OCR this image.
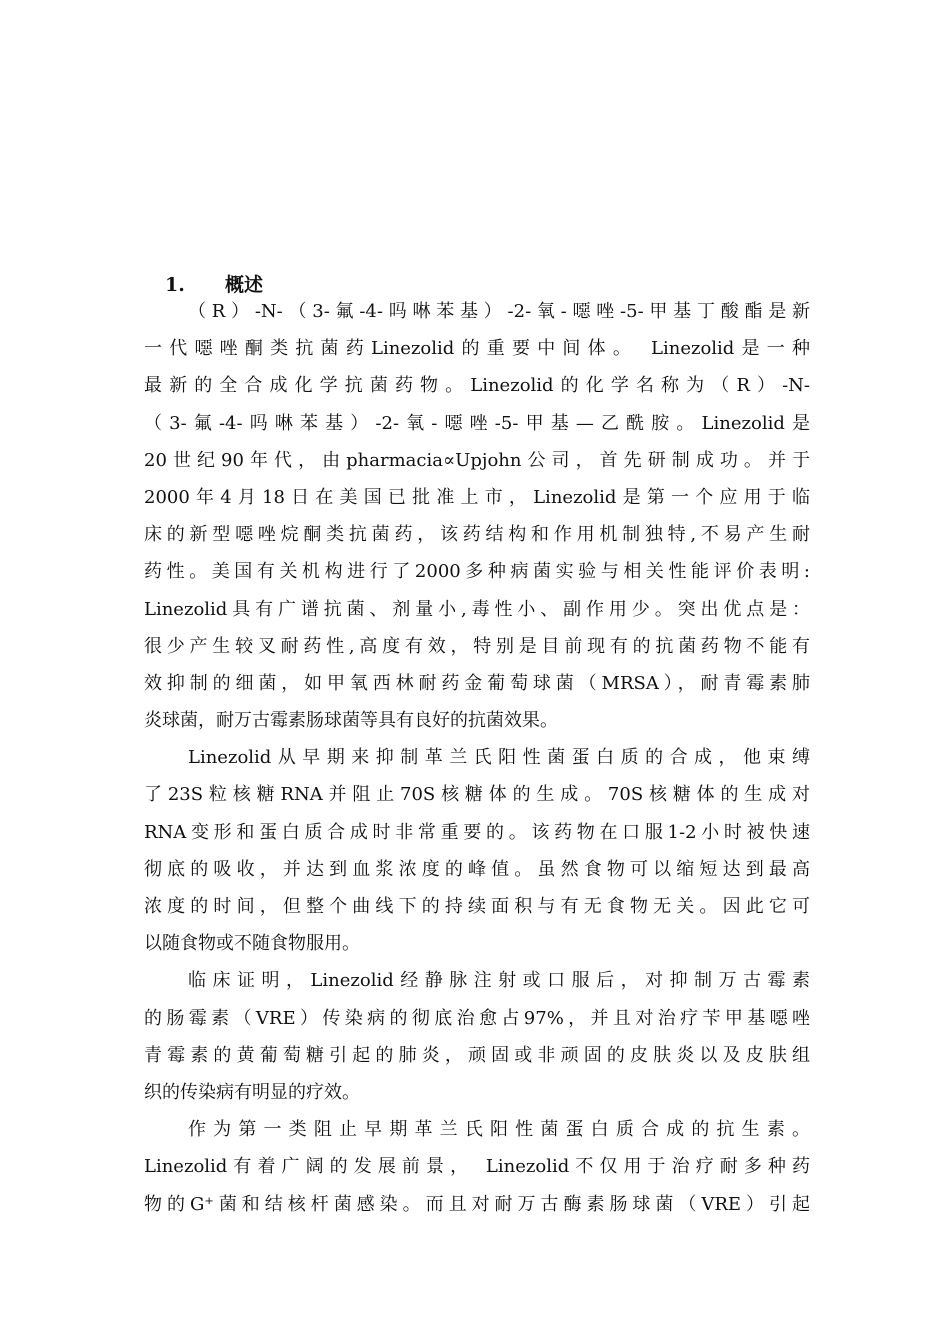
1. 概述
（R）-N-（3-氟-4-吗啉苯基）-2-氧-噁唑-5-甲基丁酸酯是新
一代噁唑酮类抗菌药Linezolid的重要中间体。 Linezolid是一种
最新的全合成化学抗菌药物。Linezolid的化学名称为（R）-N-
（3-氟-4-吗啉苯基）-2-氧-噁唑-5-甲基—乙酰胺。Linezolid是
20世纪90年代，由pharmacia∝Upjohn公司，首先研制成功。并于
2000年4月18日在美国已批准上市，Linezolid是第一个应用于临
床的新型噁唑烷酮类抗菌药，该药结构和作用机制独特,不易产生耐
药性。美国有关机构进行了2000多种病菌实验与相关性能评价表明:
Linezolid具有广谱抗菌、剂量小,毒性小、副作用少。突出优点是：
很少产生较叉耐药性,高度有效，特别是目前现有的抗菌药物不能有
效抑制的细菌，如甲氧西林耐药金葡萄球菌（MRSA），耐青霉素肺
炎球菌，耐万古霉素肠球菌等具有良好的抗菌效果。
Linezolid从早期来抑制革兰氏阳性菌蛋白质的合成，他束缚
了23S粒核糖RNA并阻止70S核糖体的生成。70S核糖体的生成对
RNA变形和蛋白质合成时非常重要的。该药物在口服1-2小时被快速
彻底的吸收，并达到血浆浓度的峰值。虽然食物可以缩短达到最高
浓度的时间，但整个曲线下的持续面积与有无食物无关。因此它可
以随食物或不随食物服用。
临床证明，Linezolid经静脉注射或口服后，对抑制万古霉素
的肠霉素（VRE）传染病的彻底治愈占97%，并且对治疗苄甲基噁唑
青霉素的黄葡萄糖引起的肺炎，顽固或非顽固的皮肤炎以及皮肤组
织的传染病有明显的疗效。
作为第一类阻止早期革兰氏阳性菌蛋白质合成的抗生素。
Linezolid有着广阔的发展前景， Linezolid不仅用于治疗耐多种药
物的G⁺菌和结核杆菌感染。而且对耐万古酶素肠球菌（VRE）引起
